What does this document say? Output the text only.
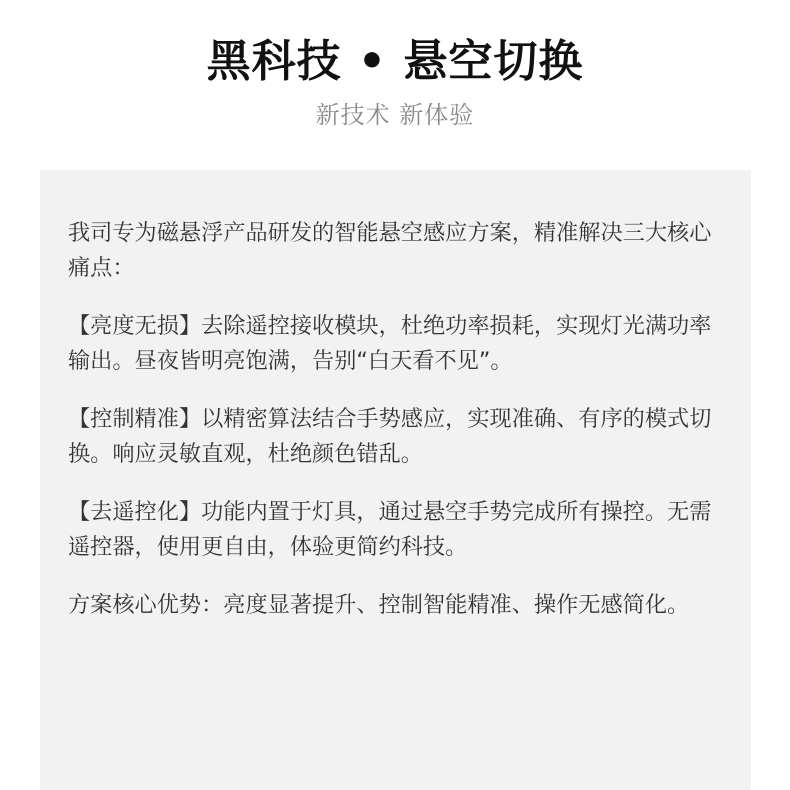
黑科技 • 悬空切换
新技术 新体验

我司专为磁悬浮产品研发的智能悬空感应方案，精准解决三大核心痛点：

【亮度无损】去除遥控接收模块，杜绝功率损耗，实现灯光满功率输出。昼夜皆明亮饱满，告别“白天看不见”。

【控制精准】以精密算法结合手势感应，实现准确、有序的模式切换。响应灵敏直观，杜绝颜色错乱。

【去遥控化】功能内置于灯具，通过悬空手势完成所有操控。无需遥控器，使用更自由，体验更简约科技。

方案核心优势：亮度显著提升、控制智能精准、操作无感简化。
